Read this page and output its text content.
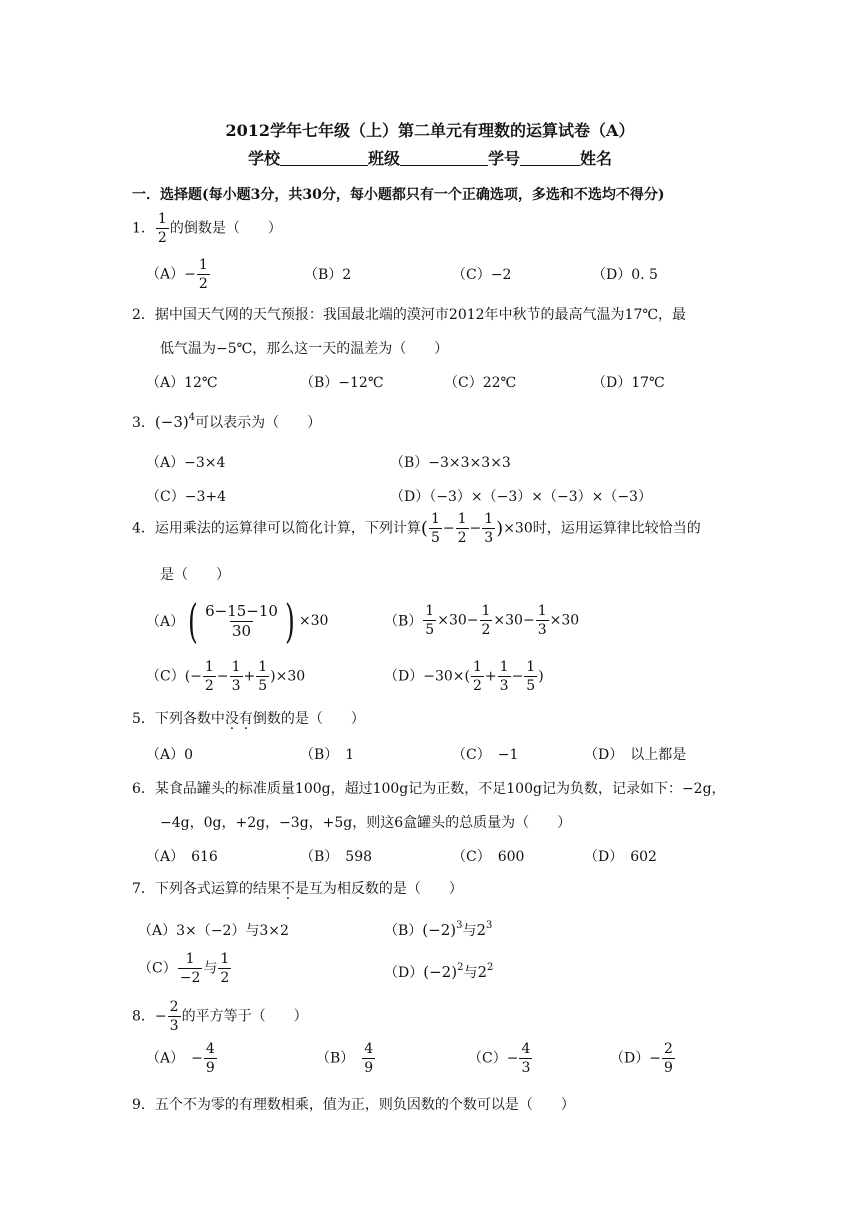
2012学年七年级（上）第二单元有理数的运算试卷（A）
学校	班级	学号	姓名
一．选择题(每小题3分，共30分，每小题都只有一个正确选项，多选和不选均不得分)
1． $\frac{1}{2}$ 的倒数是（　　）
$(A)- \frac{1}{2}$	（B）2	（C）−2	（D）0. 5
2．据中国天气网的天气预报：我国最北端的漠河市2012年中秋节的最高气温为17℃，最
低气温为−5℃，那么这一天的温差为（　　）
（A）12℃	（B）−12℃	（C）22℃	（D）17℃
3．$(-3)^4$可以表示为（　　）
（A）−3×4	（B）−3×3×3×3
（C）−3+4	（D）（−3）×（−3）×（−3）×（−3）
4．运用乘法的运算律可以简化计算，下列计算( $\frac{1}{5} - \frac{1}{2} - \frac{1}{3} )\times 30$时，运用运算律比较恰当的
是（　　）
$(A)( \frac{6-15-10}{30}$ ) ×30	$(B) \frac{1}{5} \times 30- \frac{1}{2} \times 30- \frac{1}{3} \times 30$
$(C)(- \frac{1}{2} - \frac{1}{3} + \frac{1}{5} )\times 30$	$(D)-30\times( \frac{1}{2} + \frac{1}{3} - \frac{1}{5}$ )
5．下列各数中没有倒数的是（　　）
（A）0	（B）　1	（C）　−1	（D）　以上都是
6．某食品罐头的标准质量100g，超过100g记为正数，不足100g记为负数，记录如下：−2g，
−4g，0g，+2g，−3g，+5g，则这6盒罐头的总质量为（　　）
（A）　616	（B）　598	（C）　600	（D）　602
7．下列各式运算的结果不是互为相反数的是（　　）
（A）3×（−2）与3×2	$(B)(-2)^3$与$2^3$
$(C) \frac{1}{-2}$ 与 $\frac{1}{2}$	$(D)(-2)^2$与$2^2$
8．− $\frac{2}{3}$ 的平方等于（　　）
（A）　 − $\frac{4}{9}$	（B）　 $\frac{4}{9}$	$(C)- \frac{4}{3}$	$(D)- \frac{2}{9}$
9．五个不为零的有理数相乘，值为正，则负因数的个数可以是（　　）
